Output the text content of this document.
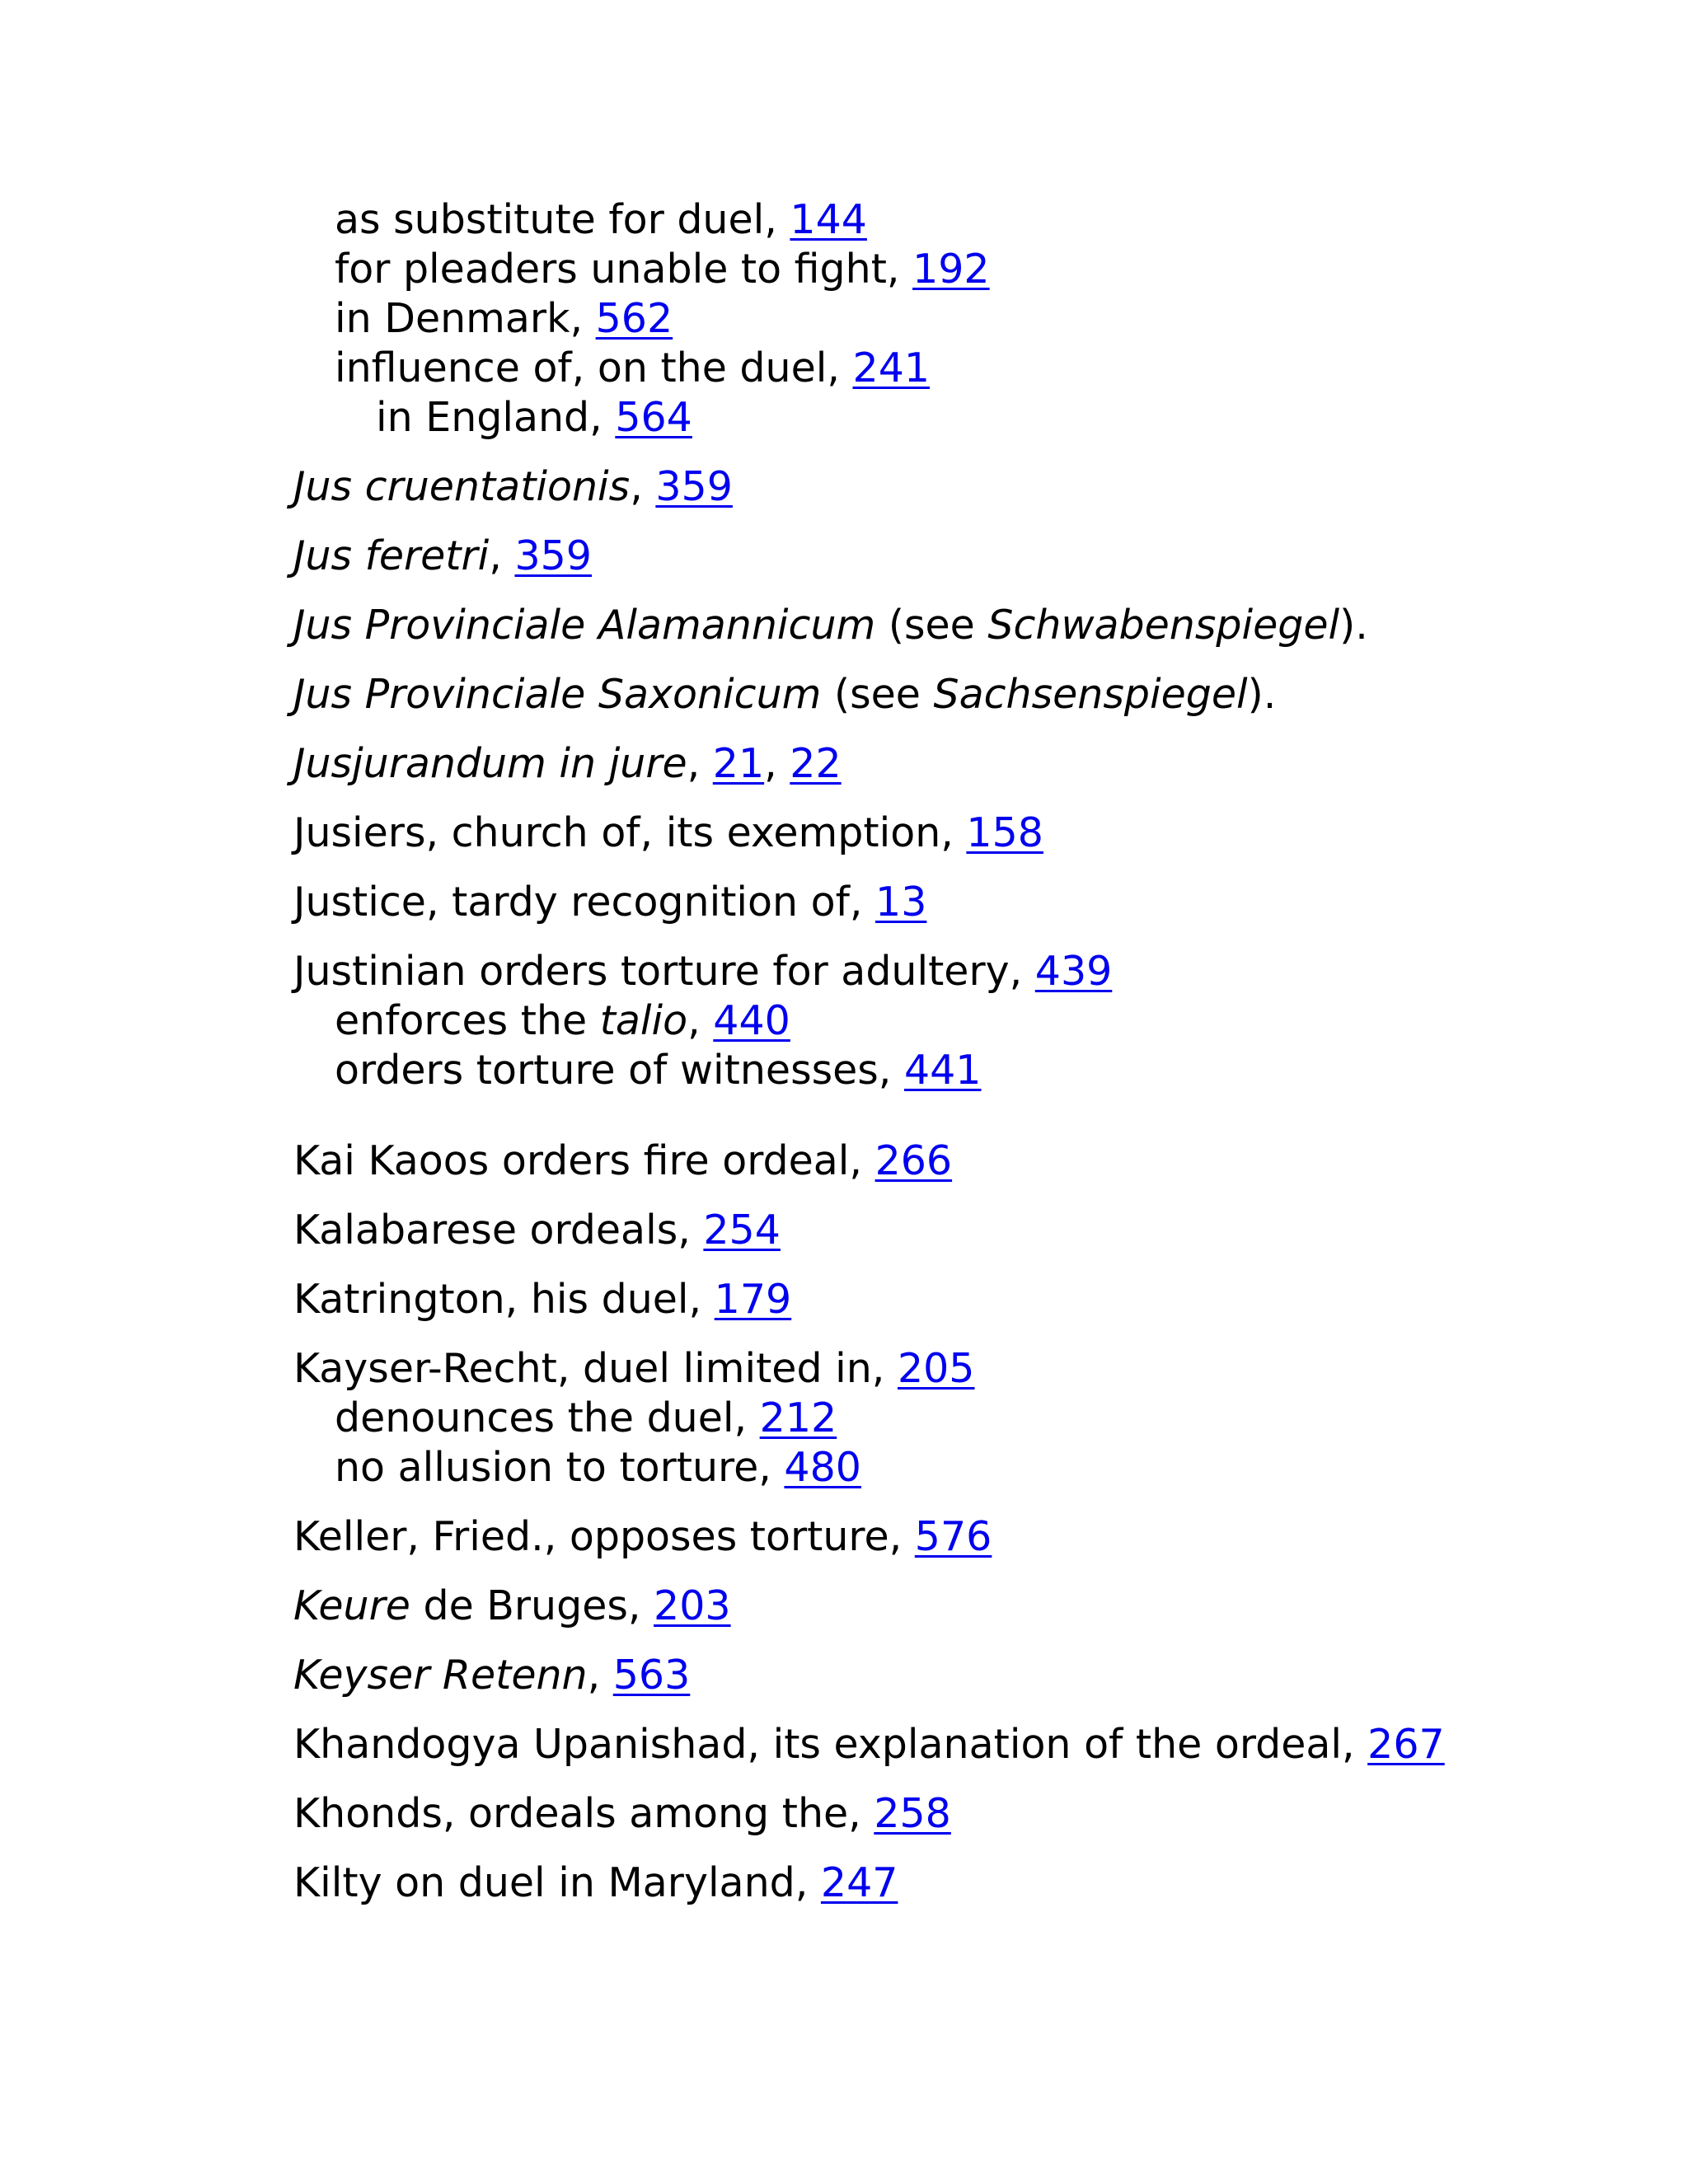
as substitute for duel, 144
for pleaders unable to fight, 192
in Denmark, 562
influence of, on the duel, 241
in England, 564
Jus cruentationis, 359
Jus feretri, 359
Jus Provinciale Alamannicum (see Schwabenspiegel).
Jus Provinciale Saxonicum (see Sachsenspiegel).
Jusjurandum in jure, 21, 22
Jusiers, church of, its exemption, 158
Justice, tardy recognition of, 13
Justinian orders torture for adultery, 439
enforces the talio, 440
orders torture of witnesses, 441
Kai Kaoos orders fire ordeal, 266
Kalabarese ordeals, 254
Katrington, his duel, 179
Kayser-Recht, duel limited in, 205
denounces the duel, 212
no allusion to torture, 480
Keller, Fried., opposes torture, 576
Keure de Bruges, 203
Keyser Retenn, 563
Khandogya Upanishad, its explanation of the ordeal, 267
Khonds, ordeals among the, 258
Kilty on duel in Maryland, 247
